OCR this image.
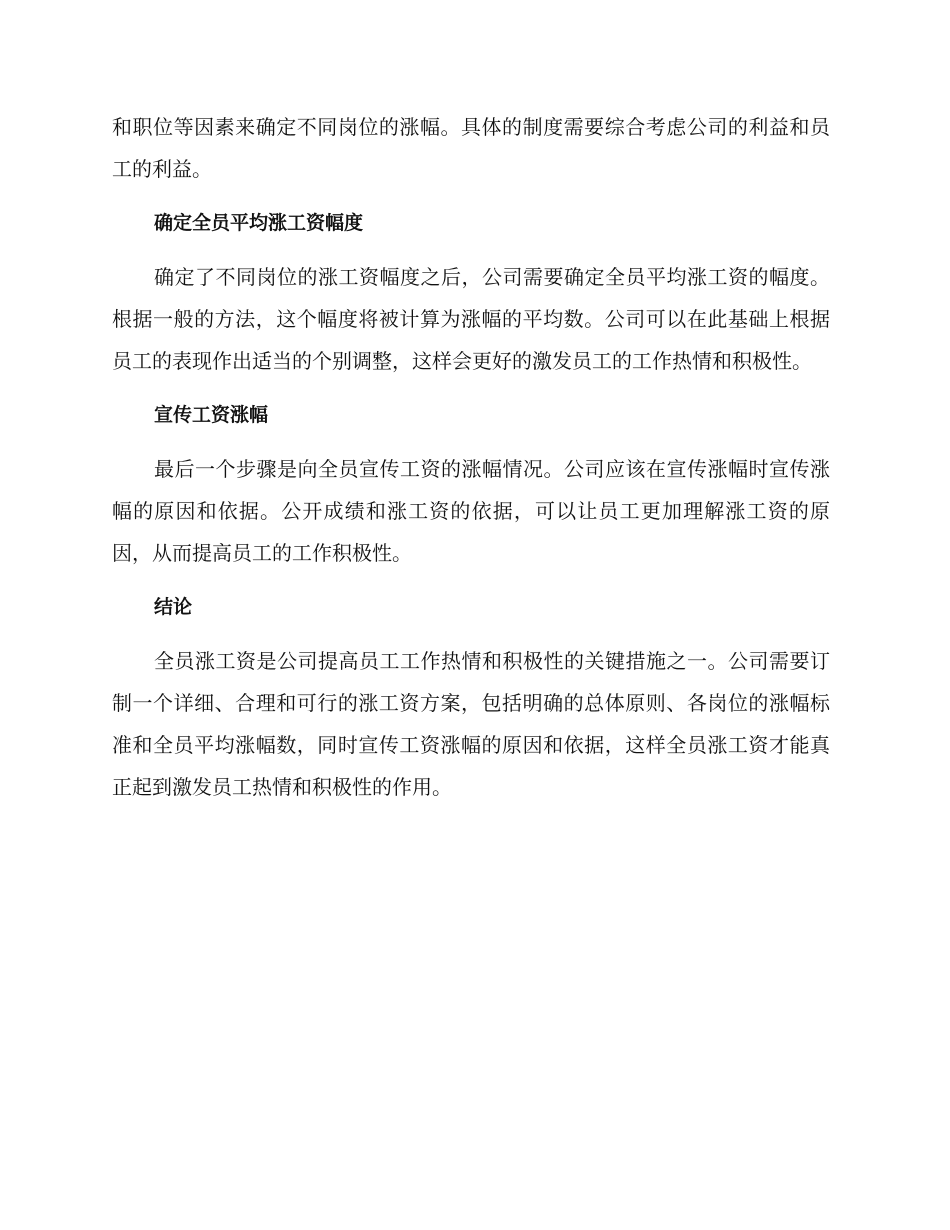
和职位等因素来确定不同岗位的涨幅。具体的制度需要综合考虑公司的利益和员工的利益。

确定全员平均涨工资幅度

确定了不同岗位的涨工资幅度之后，公司需要确定全员平均涨工资的幅度。根据一般的方法，这个幅度将被计算为涨幅的平均数。公司可以在此基础上根据员工的表现作出适当的个别调整，这样会更好的激发员工的工作热情和积极性。

宣传工资涨幅

最后一个步骤是向全员宣传工资的涨幅情况。公司应该在宣传涨幅时宣传涨幅的原因和依据。公开成绩和涨工资的依据，可以让员工更加理解涨工资的原因，从而提高员工的工作积极性。

结论

全员涨工资是公司提高员工工作热情和积极性的关键措施之一。公司需要订制一个详细、合理和可行的涨工资方案，包括明确的总体原则、各岗位的涨幅标准和全员平均涨幅数，同时宣传工资涨幅的原因和依据，这样全员涨工资才能真正起到激发员工热情和积极性的作用。
